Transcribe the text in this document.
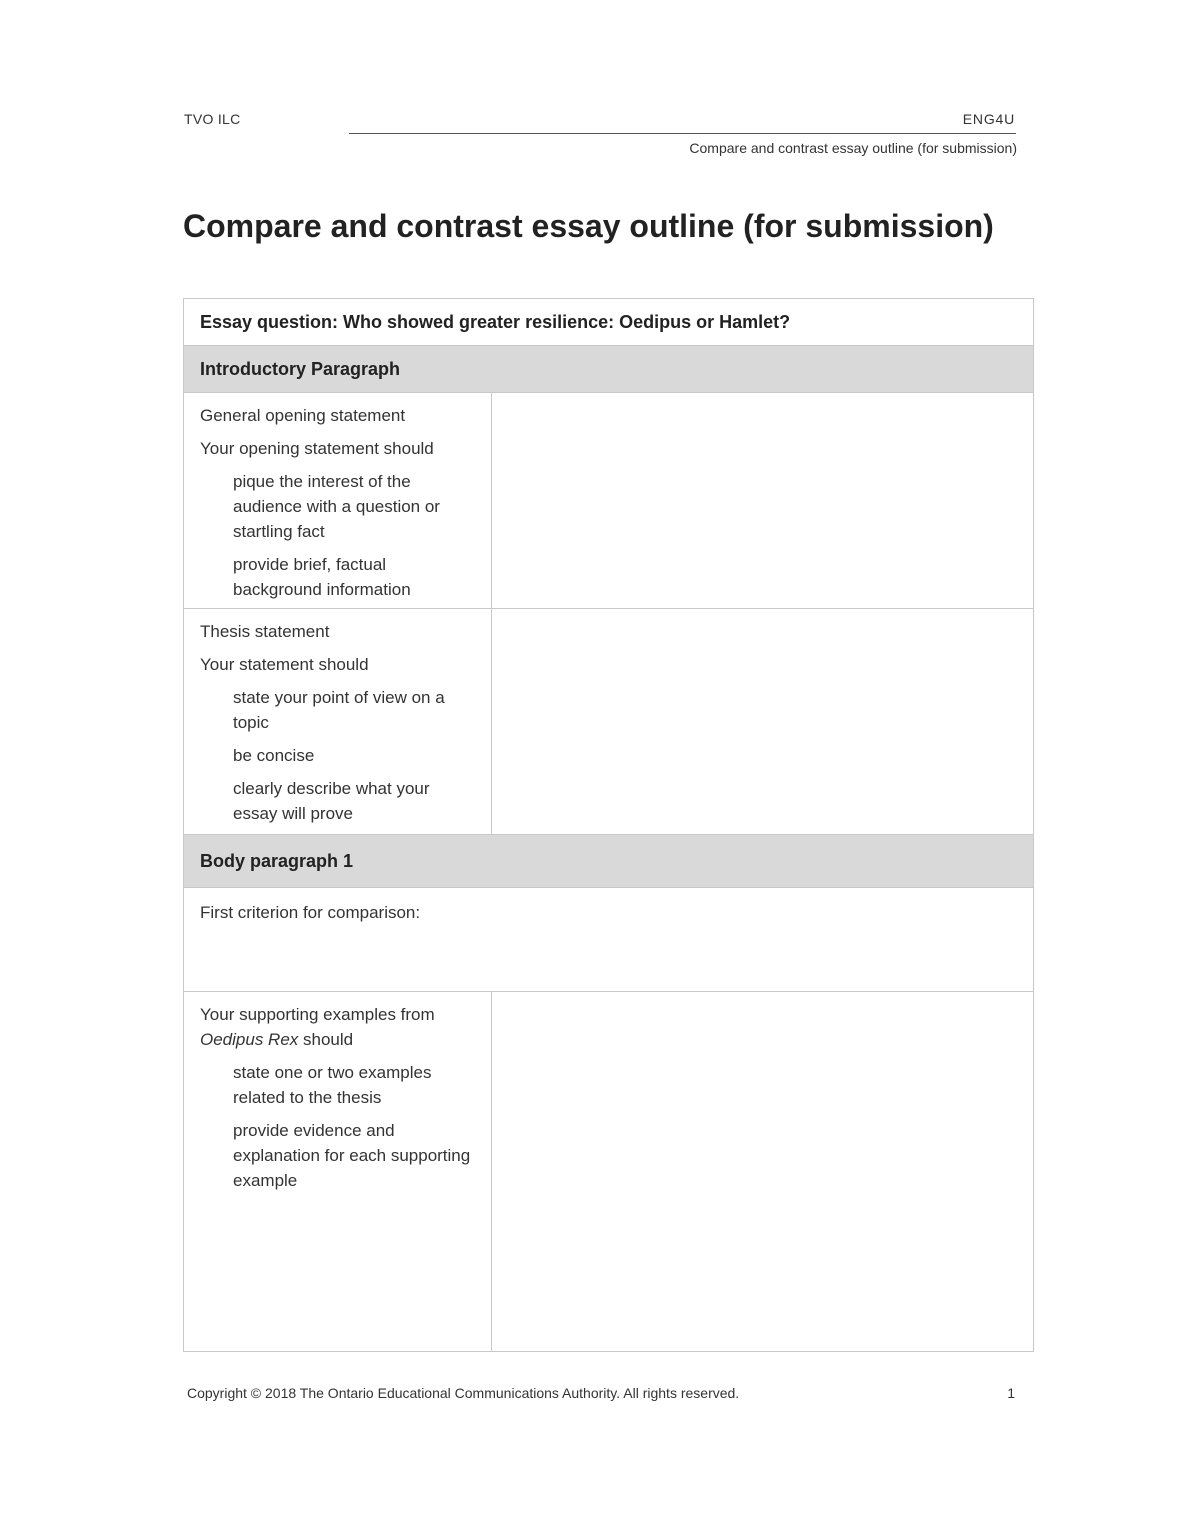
TVO ILC	ENG4U
Compare and contrast essay outline (for submission)
Compare and contrast essay outline (for submission)
Essay question: Who showed greater resilience: Oedipus or Hamlet?
Introductory Paragraph

General opening statement

Your opening statement should

pique the interest of the audience with a question or startling fact

provide brief, factual background information

Thesis statement

Your statement should

state your point of view on a topic

be concise

clearly describe what your essay will prove

Body paragraph 1
First criterion for comparison:

Your supporting examples from Oedipus Rex should

state one or two examples related to the thesis

provide evidence and explanation for each supporting example

Copyright © 2018 The Ontario Educational Communications Authority. All rights reserved.	1
